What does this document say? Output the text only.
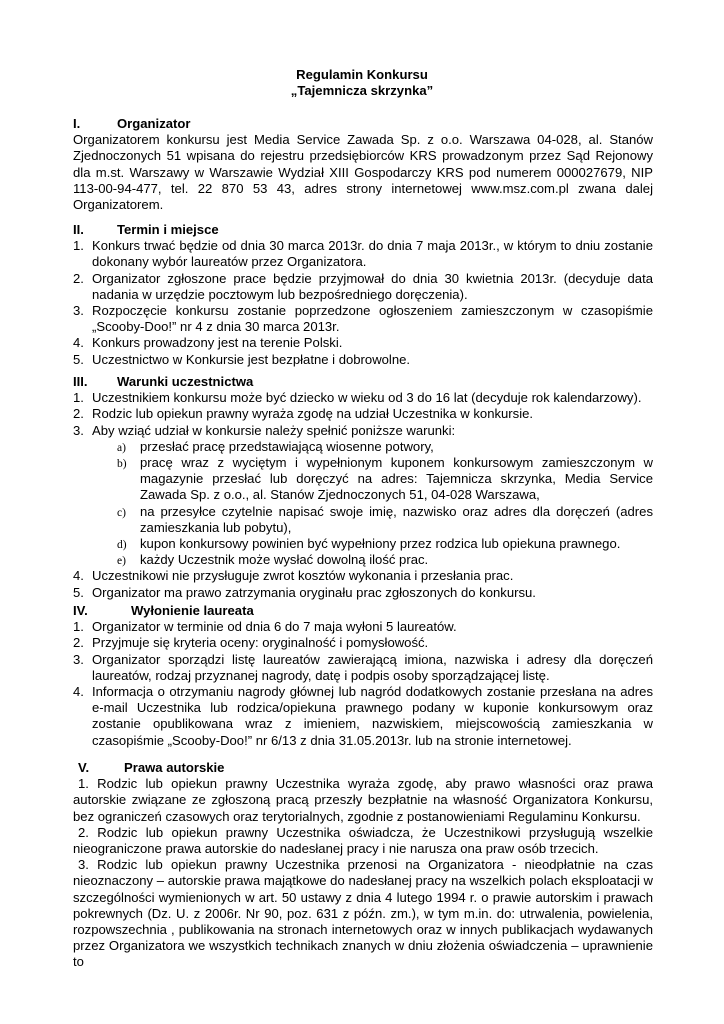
Regulamin Konkursu
„Tajemnicza skrzynka”
I.	Organizator
Organizatorem konkursu jest Media Service Zawada Sp. z o.o. Warszawa 04-028, al. Stanów Zjednoczonych 51 wpisana do rejestru przedsiębiorców KRS prowadzonym przez Sąd Rejonowy dla m.st. Warszawy w Warszawie Wydział XIII Gospodarczy KRS pod numerem 000027679, NIP 113-00-94-477, tel. 22 870 53 43, adres strony internetowej www.msz.com.pl zwana dalej Organizatorem.
II.	Termin i miejsce
1. Konkurs trwać będzie od dnia 30 marca 2013r. do dnia 7 maja 2013r., w którym to dniu zostanie dokonany wybór laureatów przez Organizatora.
2. Organizator zgłoszone prace będzie przyjmował do dnia 30 kwietnia 2013r. (decyduje data nadania w urzędzie pocztowym lub bezpośredniego doręczenia).
3. Rozpoczęcie konkursu zostanie poprzedzone ogłoszeniem zamieszczonym w czasopiśmie „Scooby-Doo!” nr 4 z dnia 30 marca 2013r.
4. Konkurs prowadzony jest na terenie Polski.
5. Uczestnictwo w Konkursie jest bezpłatne i dobrowolne.
III. Warunki uczestnictwa
1. Uczestnikiem konkursu może być dziecko w wieku od 3 do 16 lat (decyduje rok kalendarzowy).
2. Rodzic lub opiekun prawny wyraża zgodę na udział Uczestnika w konkursie.
3. Aby wziąć udział w konkursie należy spełnić poniższe warunki:
a) przesłać pracę przedstawiającą wiosenne potwory,
b) pracę wraz z wyciętym i wypełnionym kuponem konkursowym zamieszczonym w magazynie przesłać lub doręczyć na adres: Tajemnicza skrzynka, Media Service Zawada Sp. z o.o., al. Stanów Zjednoczonych 51, 04-028 Warszawa,
c) na przesyłce czytelnie napisać swoje imię, nazwisko oraz adres dla doręczeń (adres zamieszkania lub pobytu),
d) kupon konkursowy powinien być wypełniony przez rodzica lub opiekuna prawnego.
e) każdy Uczestnik może wysłać dowolną ilość prac.
4. Uczestnikowi nie przysługuje zwrot kosztów wykonania i przesłania prac.
5. Organizator ma prawo zatrzymania oryginału prac zgłoszonych do konkursu.
IV.	Wyłonienie laureata
1. Organizator w terminie od dnia 6 do 7 maja wyłoni 5 laureatów.
2. Przyjmuje się kryteria oceny: oryginalność i pomysłowość.
3. Organizator sporządzi listę laureatów zawierającą imiona, nazwiska i adresy dla doręczeń laureatów, rodzaj przyznanej nagrody, datę i podpis osoby sporządzającej listę.
4. Informacja o otrzymaniu nagrody głównej lub nagród dodatkowych zostanie przesłana na adres e-mail Uczestnika lub rodzica/opiekuna prawnego podany w kuponie konkursowym oraz zostanie opublikowana wraz z imieniem, nazwiskiem, miejscowością zamieszkania w czasopiśmie „Scooby-Doo!” nr 6/13 z dnia 31.05.2013r. lub na stronie internetowej.
V.	Prawa autorskie
1. Rodzic lub opiekun prawny Uczestnika wyraża zgodę, aby prawo własności oraz prawa autorskie związane ze zgłoszoną pracą przeszły bezpłatnie na własność Organizatora Konkursu, bez ograniczeń czasowych oraz terytorialnych, zgodnie z postanowieniami Regulaminu Konkursu.
2. Rodzic lub opiekun prawny Uczestnika oświadcza, że Uczestnikowi przysługują wszelkie nieograniczone prawa autorskie do nadesłanej pracy i nie narusza ona praw osób trzecich.
3. Rodzic lub opiekun prawny Uczestnika przenosi na Organizatora - nieodpłatnie na czas nieoznaczony – autorskie prawa majątkowe do nadesłanej pracy na wszelkich polach eksploatacji w szczególności wymienionych w art. 50 ustawy z dnia 4 lutego 1994 r. o prawie autorskim i prawach pokrewnych (Dz. U. z 2006r. Nr 90, poz. 631 z późn. zm.), w tym m.in. do: utrwalenia, powielenia, rozpowszechnia , publikowania na stronach internetowych oraz w innych publikacjach wydawanych przez Organizatora we wszystkich technikach znanych w dniu złożenia oświadczenia – uprawnienie to
